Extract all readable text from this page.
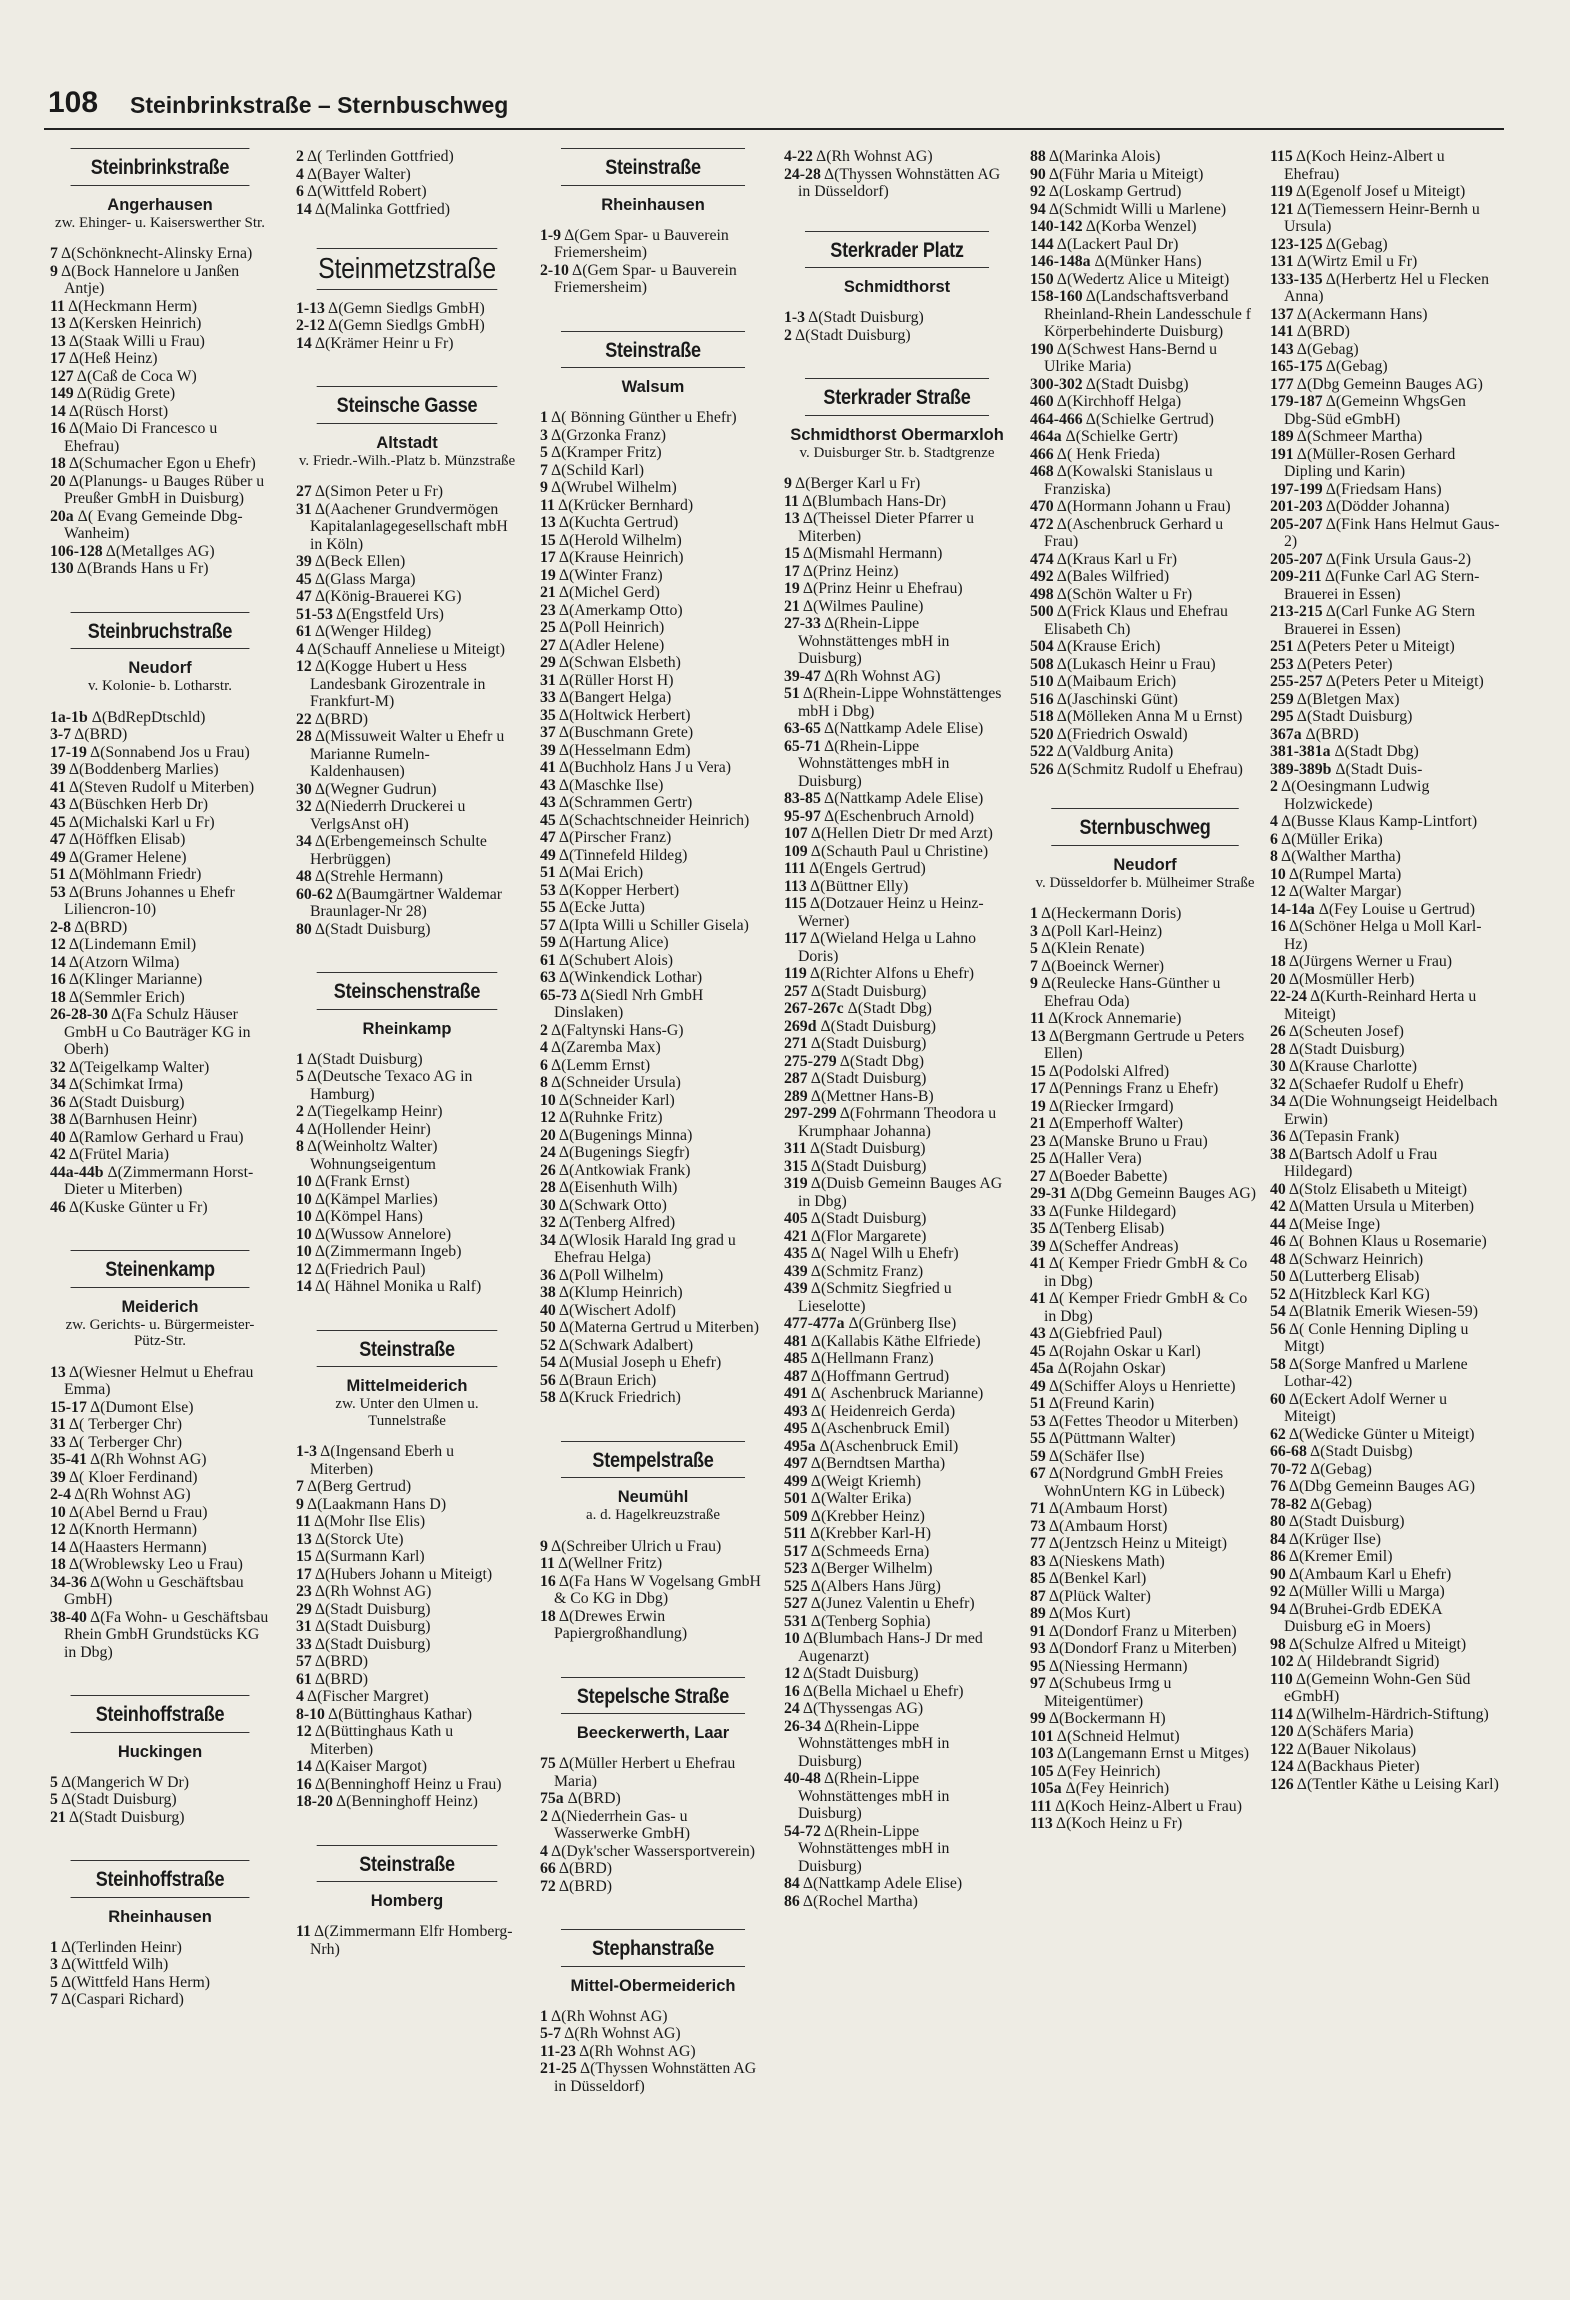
108 Steinbrinkstraße – Sternbuschweg
Steinbrinkstraße
Angerhausen
zw. Ehinger- u. Kaiserswerther Str.
7 Δ(Schönknecht-Alinsky Erna)
9 Δ(Bock Hannelore u Janßen Antje)
11 Δ(Heckmann Herm)
13 Δ(Kersken Heinrich)
13 Δ(Staak Willi u Frau)
17 Δ(Heß Heinz)
127 Δ(Caß de Coca W)
149 Δ(Rüdig Grete)
14 Δ(Rüsch Horst)
16 Δ(Maio Di Francesco u Ehefrau)
18 Δ(Schumacher Egon u Ehefr)
20 Δ(Planungs- u Bauges Rüber u Preußer GmbH in Duisburg)
20a Δ( Evang Gemeinde Dbg-Wanheim)
106-128 Δ(Metallges AG)
130 Δ(Brands Hans u Fr)
Steinbruchstraße
Neudorf
v. Kolonie- b. Lotharstr.
1a-1b Δ(BdRepDtschld)
3-7 Δ(BRD)
17-19 Δ(Sonnabend Jos u Frau)
39 Δ(Boddenberg Marlies)
41 Δ(Steven Rudolf u Miterben)
43 Δ(Büschken Herb Dr)
45 Δ(Michalski Karl u Fr)
47 Δ(Höffken Elisab)
49 Δ(Gramer Helene)
51 Δ(Möhlmann Friedr)
53 Δ(Bruns Johannes u Ehefr Liliencron-10)
2-8 Δ(BRD)
12 Δ(Lindemann Emil)
14 Δ(Atzorn Wilma)
16 Δ(Klinger Marianne)
18 Δ(Semmler Erich)
26-28-30 Δ(Fa Schulz Häuser GmbH u Co Bauträger KG in Oberh)
32 Δ(Teigelkamp Walter)
34 Δ(Schimkat Irma)
36 Δ(Stadt Duisburg)
38 Δ(Barnhusen Heinr)
40 Δ(Ramlow Gerhard u Frau)
42 Δ(Frütel Maria)
44a-44b Δ(Zimmermann Horst-Dieter u Miterben)
46 Δ(Kuske Günter u Fr)
Steinenkamp
Meiderich
zw. Gerichts- u. Bürgermeister-Pütz-Str.
13 Δ(Wiesner Helmut u Ehefrau Emma)
15-17 Δ(Dumont Else)
31 Δ( Terberger Chr)
33 Δ( Terberger Chr)
35-41 Δ(Rh Wohnst AG)
39 Δ( Kloer Ferdinand)
2-4 Δ(Rh Wohnst AG)
10 Δ(Abel Bernd u Frau)
12 Δ(Knorth Hermann)
14 Δ(Haasters Hermann)
18 Δ(Wroblewsky Leo u Frau)
34-36 Δ(Wohn u Geschäftsbau GmbH)
38-40 Δ(Fa Wohn- u Geschäftsbau Rhein GmbH Grundstücks KG in Dbg)
Steinhoffstraße
Huckingen
5 Δ(Mangerich W Dr)
5 Δ(Stadt Duisburg)
21 Δ(Stadt Duisburg)
Steinhoffstraße
Rheinhausen
1 Δ(Terlinden Heinr)
3 Δ(Wittfeld Wilh)
5 Δ(Wittfeld Hans Herm)
7 Δ(Caspari Richard)
2 Δ( Terlinden Gottfried)
4 Δ(Bayer Walter)
6 Δ(Wittfeld Robert)
14 Δ(Malinka Gottfried)
Steinmetzstraße
1-13 Δ(Gemn Siedlgs GmbH)
2-12 Δ(Gemn Siedlgs GmbH)
14 Δ(Krämer Heinr u Fr)
Steinsche Gasse
Altstadt
v. Friedr.-Wilh.-Platz b. Münzstraße
27 Δ(Simon Peter u Fr)
31 Δ(Aachener Grundvermögen Kapitalanlagegesellschaft mbH in Köln)
39 Δ(Beck Ellen)
45 Δ(Glass Marga)
47 Δ(König-Brauerei KG)
51-53 Δ(Engstfeld Urs)
61 Δ(Wenger Hildeg)
4 Δ(Schauff Anneliese u Miteigt)
12 Δ(Kogge Hubert u Hess Landesbank Girozentrale in Frankfurt-M)
22 Δ(BRD)
28 Δ(Missuweit Walter u Ehefr u Marianne Rumeln-Kaldenhausen)
30 Δ(Wegner Gudrun)
32 Δ(Niederrh Druckerei u VerlgsAnst oH)
34 Δ(Erbengemeinsch Schulte Herbrüggen)
48 Δ(Strehle Hermann)
60-62 Δ(Baumgärtner Waldemar Braunlager-Nr 28)
80 Δ(Stadt Duisburg)
Steinschenstraße
Rheinkamp
1 Δ(Stadt Duisburg)
5 Δ(Deutsche Texaco AG in Hamburg)
2 Δ(Tiegelkamp Heinr)
4 Δ(Hollender Heinr)
8 Δ(Weinholtz Walter) Wohnungseigentum
10 Δ(Frank Ernst)
10 Δ(Kämpel Marlies)
10 Δ(Kömpel Hans)
10 Δ(Wussow Annelore)
10 Δ(Zimmermann Ingeb)
12 Δ(Friedrich Paul)
14 Δ( Hähnel Monika u Ralf)
Steinstraße
Mittelmeiderich
zw. Unter den Ulmen u. Tunnelstraße
1-3 Δ(Ingensand Eberh u Miterben)
7 Δ(Berg Gertrud)
9 Δ(Laakmann Hans D)
11 Δ(Mohr Ilse Elis)
13 Δ(Storck Ute)
15 Δ(Surmann Karl)
17 Δ(Hubers Johann u Miteigt)
23 Δ(Rh Wohnst AG)
29 Δ(Stadt Duisburg)
31 Δ(Stadt Duisburg)
33 Δ(Stadt Duisburg)
57 Δ(BRD)
61 Δ(BRD)
4 Δ(Fischer Margret)
8-10 Δ(Büttinghaus Kathar)
12 Δ(Büttinghaus Kath u Miterben)
14 Δ(Kaiser Margot)
16 Δ(Benninghoff Heinz u Frau)
18-20 Δ(Benninghoff Heinz)
Steinstraße
Homberg
11 Δ(Zimmermann Elfr Homberg-Nrh)
Steinstraße
Rheinhausen
1-9 Δ(Gem Spar- u Bauverein Friemersheim)
2-10 Δ(Gem Spar- u Bauverein Friemersheim)
Steinstraße
Walsum
1 Δ( Bönning Günther u Ehefr)
3 Δ(Grzonka Franz)
5 Δ(Kramper Fritz)
7 Δ(Schild Karl)
9 Δ(Wrubel Wilhelm)
11 Δ(Krücker Bernhard)
13 Δ(Kuchta Gertrud)
15 Δ(Herold Wilhelm)
17 Δ(Krause Heinrich)
19 Δ(Winter Franz)
21 Δ(Michel Gerd)
23 Δ(Amerkamp Otto)
25 Δ(Poll Heinrich)
27 Δ(Adler Helene)
29 Δ(Schwan Elsbeth)
31 Δ(Rüller Horst H)
33 Δ(Bangert Helga)
35 Δ(Holtwick Herbert)
37 Δ(Buschmann Grete)
39 Δ(Hesselmann Edm)
41 Δ(Buchholz Hans J u Vera)
43 Δ(Maschke Ilse)
43 Δ(Schrammen Gertr)
45 Δ(Schachtschneider Heinrich)
47 Δ(Pirscher Franz)
49 Δ(Tinnefeld Hildeg)
51 Δ(Mai Erich)
53 Δ(Kopper Herbert)
55 Δ(Ecke Jutta)
57 Δ(Ipta Willi u Schiller Gisela)
59 Δ(Hartung Alice)
61 Δ(Schubert Alois)
63 Δ(Winkendick Lothar)
65-73 Δ(Siedl Nrh GmbH Dinslaken)
2 Δ(Faltynski Hans-G)
4 Δ(Zaremba Max)
6 Δ(Lemm Ernst)
8 Δ(Schneider Ursula)
10 Δ(Schneider Karl)
12 Δ(Ruhnke Fritz)
20 Δ(Bugenings Minna)
24 Δ(Bugenings Siegfr)
26 Δ(Antkowiak Frank)
28 Δ(Eisenhuth Wilh)
30 Δ(Schwark Otto)
32 Δ(Tenberg Alfred)
34 Δ(Wlosik Harald Ing grad u Ehefrau Helga)
36 Δ(Poll Wilhelm)
38 Δ(Klump Heinrich)
40 Δ(Wischert Adolf)
50 Δ(Materna Gertrud u Miterben)
52 Δ(Schwark Adalbert)
54 Δ(Musial Joseph u Ehefr)
56 Δ(Braun Erich)
58 Δ(Kruck Friedrich)
Stempelstraße
Neumühl
a. d. Hagelkreuzstraße
9 Δ(Schreiber Ulrich u Frau)
11 Δ(Wellner Fritz)
16 Δ(Fa Hans W Vogelsang GmbH & Co KG in Dbg)
18 Δ(Drewes Erwin Papiergroßhandlung)
Stepelsche Straße
Beeckerwerth, Laar
75 Δ(Müller Herbert u Ehefrau Maria)
75a Δ(BRD)
2 Δ(Niederrhein Gas- u Wasserwerke GmbH)
4 Δ(Dyk'scher Wassersportverein)
66 Δ(BRD)
72 Δ(BRD)
Stephanstraße
Mittel-Obermeiderich
1 Δ(Rh Wohnst AG)
5-7 Δ(Rh Wohnst AG)
11-23 Δ(Rh Wohnst AG)
21-25 Δ(Thyssen Wohnstätten AG in Düsseldorf)
4-22 Δ(Rh Wohnst AG)
24-28 Δ(Thyssen Wohnstätten AG in Düsseldorf)
Sterkrader Platz
Schmidthorst
1-3 Δ(Stadt Duisburg)
2 Δ(Stadt Duisburg)
Sterkrader Straße
Schmidthorst Obermarxloh
v. Duisburger Str. b. Stadtgrenze
9 Δ(Berger Karl u Fr)
11 Δ(Blumbach Hans-Dr)
13 Δ(Theissel Dieter Pfarrer u Miterben)
15 Δ(Mismahl Hermann)
17 Δ(Prinz Heinz)
19 Δ(Prinz Heinr u Ehefrau)
21 Δ(Wilmes Pauline)
27-33 Δ(Rhein-Lippe Wohnstättenges mbH in Duisburg)
39-47 Δ(Rh Wohnst AG)
51 Δ(Rhein-Lippe Wohnstättenges mbH i Dbg)
63-65 Δ(Nattkamp Adele Elise)
65-71 Δ(Rhein-Lippe Wohnstättenges mbH in Duisburg)
83-85 Δ(Nattkamp Adele Elise)
95-97 Δ(Eschenbruch Arnold)
107 Δ(Hellen Dietr Dr med Arzt)
109 Δ(Schauth Paul u Christine)
111 Δ(Engels Gertrud)
113 Δ(Büttner Elly)
115 Δ(Dotzauer Heinz u Heinz-Werner)
117 Δ(Wieland Helga u Lahno Doris)
119 Δ(Richter Alfons u Ehefr)
257 Δ(Stadt Duisburg)
267-267c Δ(Stadt Dbg)
269d Δ(Stadt Duisburg)
271 Δ(Stadt Duisburg)
275-279 Δ(Stadt Dbg)
287 Δ(Stadt Duisburg)
289 Δ(Mettner Hans-B)
297-299 Δ(Fohrmann Theodora u Krumphaar Johanna)
311 Δ(Stadt Duisburg)
315 Δ(Stadt Duisburg)
319 Δ(Duisb Gemeinn Bauges AG in Dbg)
405 Δ(Stadt Duisburg)
421 Δ(Flor Margarete)
435 Δ( Nagel Wilh u Ehefr)
439 Δ(Schmitz Franz)
439 Δ(Schmitz Siegfried u Lieselotte)
477-477a Δ(Grünberg Ilse)
481 Δ(Kallabis Käthe Elfriede)
485 Δ(Hellmann Franz)
487 Δ(Hoffmann Gertrud)
491 Δ( Aschenbruck Marianne)
493 Δ( Heidenreich Gerda)
495 Δ(Aschenbruck Emil)
495a Δ(Aschenbruck Emil)
497 Δ(Berndtsen Martha)
499 Δ(Weigt Kriemh)
501 Δ(Walter Erika)
509 Δ(Krebber Heinz)
511 Δ(Krebber Karl-H)
517 Δ(Schmeeds Erna)
523 Δ(Berger Wilhelm)
525 Δ(Albers Hans Jürg)
527 Δ(Junez Valentin u Ehefr)
531 Δ(Tenberg Sophia)
10 Δ(Blumbach Hans-J Dr med Augenarzt)
12 Δ(Stadt Duisburg)
16 Δ(Bella Michael u Ehefr)
24 Δ(Thyssengas AG)
26-34 Δ(Rhein-Lippe Wohnstättenges mbH in Duisburg)
40-48 Δ(Rhein-Lippe Wohnstättenges mbH in Duisburg)
54-72 Δ(Rhein-Lippe Wohnstättenges mbH in Duisburg)
84 Δ(Nattkamp Adele Elise)
86 Δ(Rochel Martha)
88 Δ(Marinka Alois)
90 Δ(Führ Maria u Miteigt)
92 Δ(Loskamp Gertrud)
94 Δ(Schmidt Willi u Marlene)
140-142 Δ(Korba Wenzel)
144 Δ(Lackert Paul Dr)
146-148a Δ(Münker Hans)
150 Δ(Wedertz Alice u Miteigt)
158-160 Δ(Landschaftsverband Rheinland-Rhein Landesschule f Körperbehinderte Duisburg)
190 Δ(Schwest Hans-Bernd u Ulrike Maria)
300-302 Δ(Stadt Duisbg)
460 Δ(Kirchhoff Helga)
464-466 Δ(Schielke Gertrud)
464a Δ(Schielke Gertr)
466 Δ( Henk Frieda)
468 Δ(Kowalski Stanislaus u Franziska)
470 Δ(Hormann Johann u Frau)
472 Δ(Aschenbruck Gerhard u Frau)
474 Δ(Kraus Karl u Fr)
492 Δ(Bales Wilfried)
498 Δ(Schön Walter u Fr)
500 Δ(Frick Klaus und Ehefrau Elisabeth Ch)
504 Δ(Krause Erich)
508 Δ(Lukasch Heinr u Frau)
510 Δ(Maibaum Erich)
516 Δ(Jaschinski Günt)
518 Δ(Mölleken Anna M u Ernst)
520 Δ(Friedrich Oswald)
522 Δ(Valdburg Anita)
526 Δ(Schmitz Rudolf u Ehefrau)
Sternbuschweg
Neudorf
v. Düsseldorfer b. Mülheimer Straße
1 Δ(Heckermann Doris)
3 Δ(Poll Karl-Heinz)
5 Δ(Klein Renate)
7 Δ(Boeinck Werner)
9 Δ(Reulecke Hans-Günther u Ehefrau Oda)
11 Δ(Krock Annemarie)
13 Δ(Bergmann Gertrude u Peters Ellen)
15 Δ(Podolski Alfred)
17 Δ(Pennings Franz u Ehefr)
19 Δ(Riecker Irmgard)
21 Δ(Emperhoff Walter)
23 Δ(Manske Bruno u Frau)
25 Δ(Haller Vera)
27 Δ(Boeder Babette)
29-31 Δ(Dbg Gemeinn Bauges AG)
33 Δ(Funke Hildegard)
35 Δ(Tenberg Elisab)
39 Δ(Scheffer Andreas)
41 Δ( Kemper Friedr GmbH & Co in Dbg)
41 Δ( Kemper Friedr GmbH & Co in Dbg)
43 Δ(Giebfried Paul)
45 Δ(Rojahn Oskar u Karl)
45a Δ(Rojahn Oskar)
49 Δ(Schiffer Aloys u Henriette)
51 Δ(Freund Karin)
53 Δ(Fettes Theodor u Miterben)
55 Δ(Püttmann Walter)
59 Δ(Schäfer Ilse)
67 Δ(Nordgrund GmbH Freies WohnUntern KG in Lübeck)
71 Δ(Ambaum Horst)
73 Δ(Ambaum Horst)
77 Δ(Jentzsch Heinz u Miteigt)
83 Δ(Nieskens Math)
85 Δ(Benkel Karl)
87 Δ(Plück Walter)
89 Δ(Mos Kurt)
91 Δ(Dondorf Franz u Miterben)
93 Δ(Dondorf Franz u Miterben)
95 Δ(Niessing Hermann)
97 Δ(Schubeus Irmg u Miteigentümer)
99 Δ(Bockermann H)
101 Δ(Schneid Helmut)
103 Δ(Langemann Ernst u Mitges)
105 Δ(Fey Heinrich)
105a Δ(Fey Heinrich)
111 Δ(Koch Heinz-Albert u Frau)
113 Δ(Koch Heinz u Fr)
115 Δ(Koch Heinz-Albert u Ehefrau)
119 Δ(Egenolf Josef u Miteigt)
121 Δ(Tiemessern Heinr-Bernh u Ursula)
123-125 Δ(Gebag)
131 Δ(Wirtz Emil u Fr)
133-135 Δ(Herbertz Hel u Flecken Anna)
137 Δ(Ackermann Hans)
141 Δ(BRD)
143 Δ(Gebag)
165-175 Δ(Gebag)
177 Δ(Dbg Gemeinn Bauges AG)
179-187 Δ(Gemeinn WhgsGen Dbg-Süd eGmbH)
189 Δ(Schmeer Martha)
191 Δ(Müller-Rosen Gerhard Dipling und Karin)
197-199 Δ(Friedsam Hans)
201-203 Δ(Dödder Johanna)
205-207 Δ(Fink Hans Helmut Gaus-2)
205-207 Δ(Fink Ursula Gaus-2)
209-211 Δ(Funke Carl AG Stern-Brauerei in Essen)
213-215 Δ(Carl Funke AG Stern Brauerei in Essen)
251 Δ(Peters Peter u Miteigt)
253 Δ(Peters Peter)
255-257 Δ(Peters Peter u Miteigt)
259 Δ(Bletgen Max)
295 Δ(Stadt Duisburg)
367a Δ(BRD)
381-381a Δ(Stadt Dbg)
389-389b Δ(Stadt Duis-
2 Δ(Oesingmann Ludwig Holzwickede)
4 Δ(Busse Klaus Kamp-Lintfort)
6 Δ(Müller Erika)
8 Δ(Walther Martha)
10 Δ(Rumpel Marta)
12 Δ(Walter Margar)
14-14a Δ(Fey Louise u Gertrud)
16 Δ(Schöner Helga u Moll Karl-Hz)
18 Δ(Jürgens Werner u Frau)
20 Δ(Mosmüller Herb)
22-24 Δ(Kurth-Reinhard Herta u Miteigt)
26 Δ(Scheuten Josef)
28 Δ(Stadt Duisburg)
30 Δ(Krause Charlotte)
32 Δ(Schaefer Rudolf u Ehefr)
34 Δ(Die Wohnungseigt Heidelbach Erwin)
36 Δ(Tepasin Frank)
38 Δ(Bartsch Adolf u Frau Hildegard)
40 Δ(Stolz Elisabeth u Miteigt)
42 Δ(Matten Ursula u Miterben)
44 Δ(Meise Inge)
46 Δ( Bohnen Klaus u Rosemarie)
48 Δ(Schwarz Heinrich)
50 Δ(Lutterberg Elisab)
52 Δ(Hitzbleck Karl KG)
54 Δ(Blatnik Emerik Wiesen-59)
56 Δ( Conle Henning Dipling u Mitgt)
58 Δ(Sorge Manfred u Marlene Lothar-42)
60 Δ(Eckert Adolf Werner u Miteigt)
62 Δ(Wedicke Günter u Miteigt)
66-68 Δ(Stadt Duisbg)
70-72 Δ(Gebag)
76 Δ(Dbg Gemeinn Bauges AG)
78-82 Δ(Gebag)
80 Δ(Stadt Duisburg)
84 Δ(Krüger Ilse)
86 Δ(Kremer Emil)
90 Δ(Ambaum Karl u Ehefr)
92 Δ(Müller Willi u Marga)
94 Δ(Bruhei-Grdb EDEKA Duisburg eG in Moers)
98 Δ(Schulze Alfred u Miteigt)
102 Δ( Hildebrandt Sigrid)
110 Δ(Gemeinn Wohn-Gen Süd eGmbH)
114 Δ(Wilhelm-Härdrich-Stiftung)
120 Δ(Schäfers Maria)
122 Δ(Bauer Nikolaus)
124 Δ(Backhaus Pieter)
126 Δ(Tentler Käthe u Leising Karl)
